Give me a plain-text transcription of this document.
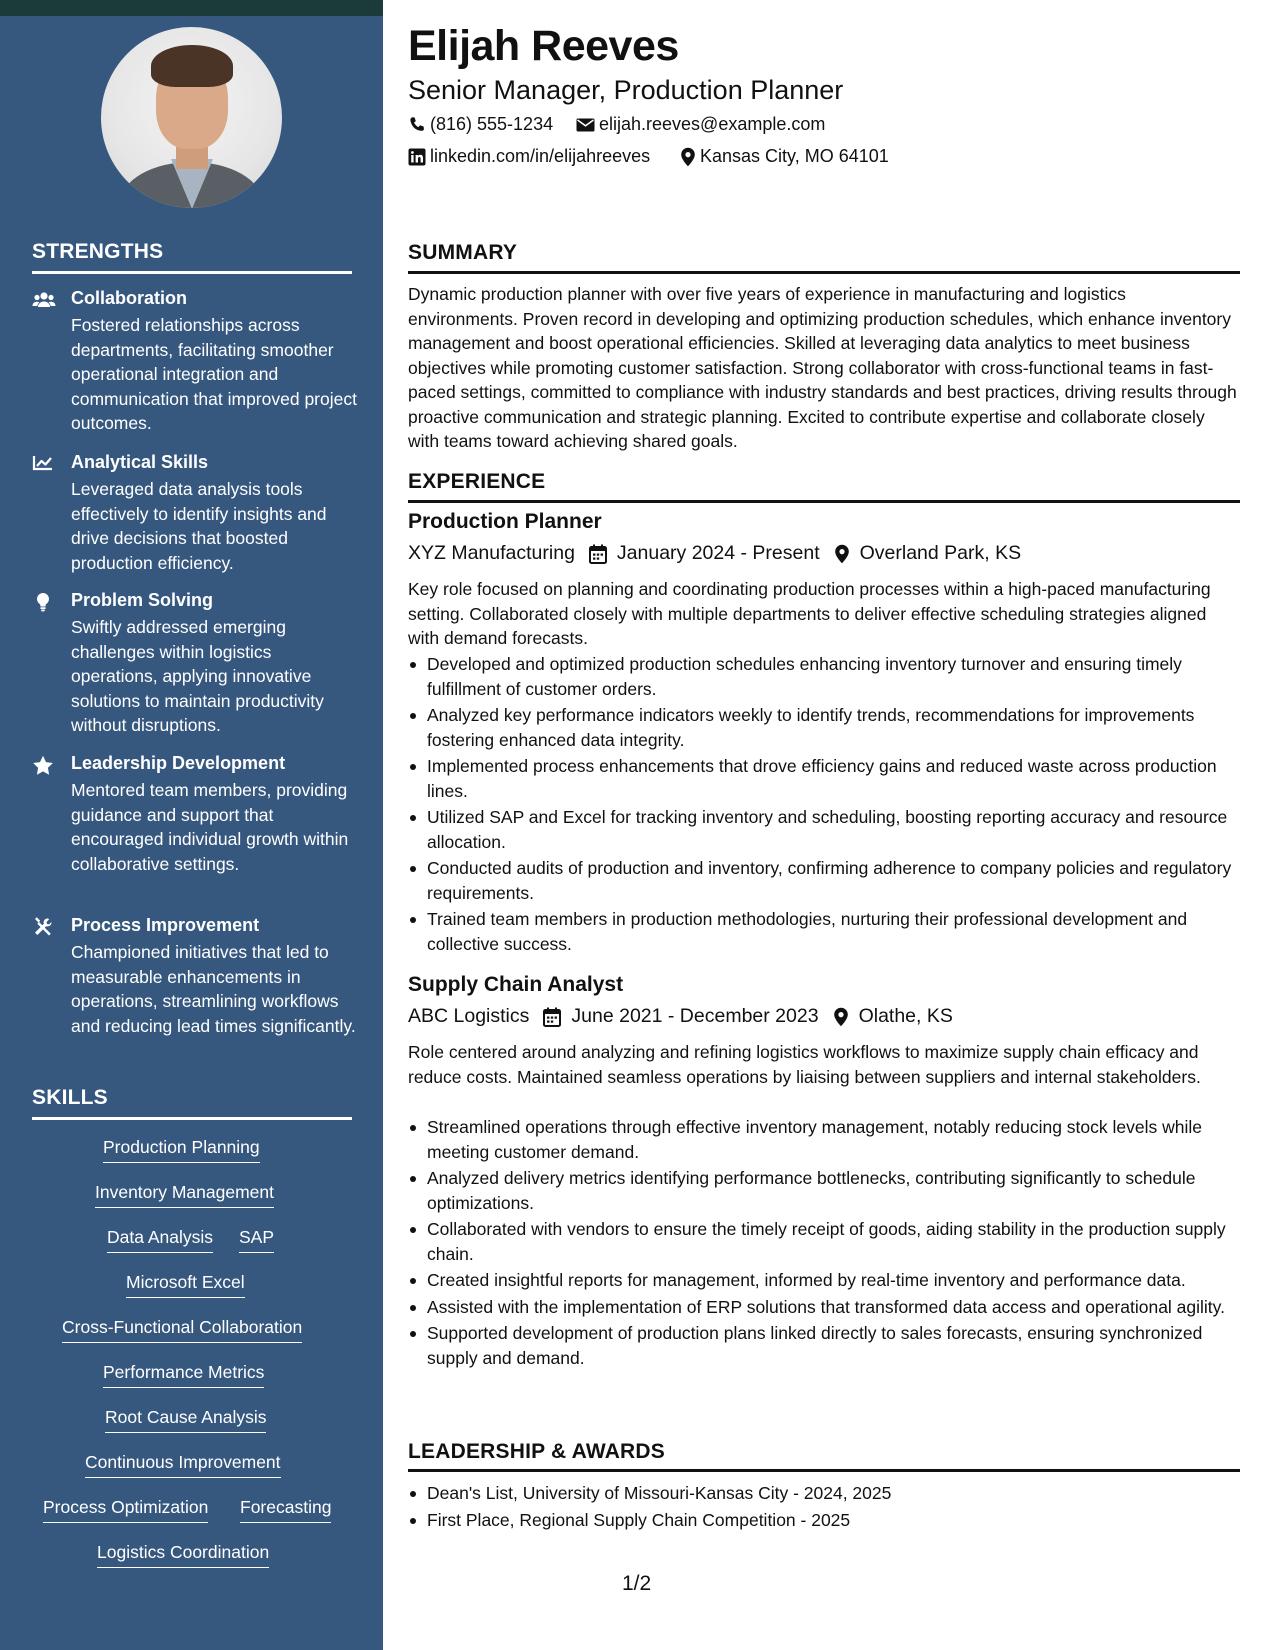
STRENGTHS
Collaboration
Fostered relationships across departments, facilitating smoother operational integration and communication that improved project outcomes.
Analytical Skills
Leveraged data analysis tools effectively to identify insights and drive decisions that boosted production efficiency.
Problem Solving
Swiftly addressed emerging challenges within logistics operations, applying innovative solutions to maintain productivity without disruptions.
Leadership Development
Mentored team members, providing guidance and support that encouraged individual growth within collaborative settings.
Process Improvement
Championed initiatives that led to measurable enhancements in operations, streamlining workflows and reducing lead times significantly.
SKILLS
Production Planning
Inventory Management
Data Analysis SAP
Microsoft Excel
Cross-Functional Collaboration
Performance Metrics
Root Cause Analysis
Continuous Improvement
Process Optimization Forecasting
Logistics Coordination
Elijah Reeves
Senior Manager, Production Planner
(816) 555-1234	elijah.reeves@example.com
linkedin.com/in/elijahreeves	Kansas City, MO 64101
SUMMARY
Dynamic production planner with over five years of experience in manufacturing and logistics environments. Proven record in developing and optimizing production schedules, which enhance inventory management and boost operational efficiencies. Skilled at leveraging data analytics to meet business objectives while promoting customer satisfaction. Strong collaborator with cross-functional teams in fast-paced settings, committed to compliance with industry standards and best practices, driving results through proactive communication and strategic planning. Excited to contribute expertise and collaborate closely with teams toward achieving shared goals.
EXPERIENCE
Production Planner
XYZ Manufacturing January 2024 - Present Overland Park, KS
Key role focused on planning and coordinating production processes within a high-paced manufacturing setting. Collaborated closely with multiple departments to deliver effective scheduling strategies aligned with demand forecasts.
Developed and optimized production schedules enhancing inventory turnover and ensuring timely fulfillment of customer orders.
Analyzed key performance indicators weekly to identify trends, recommendations for improvements fostering enhanced data integrity.
Implemented process enhancements that drove efficiency gains and reduced waste across production lines.
Utilized SAP and Excel for tracking inventory and scheduling, boosting reporting accuracy and resource allocation.
Conducted audits of production and inventory, confirming adherence to company policies and regulatory requirements.
Trained team members in production methodologies, nurturing their professional development and collective success.
Supply Chain Analyst
ABC Logistics June 2021 - December 2023 Olathe, KS
Role centered around analyzing and refining logistics workflows to maximize supply chain efficacy and reduce costs. Maintained seamless operations by liaising between suppliers and internal stakeholders.
Streamlined operations through effective inventory management, notably reducing stock levels while meeting customer demand.
Analyzed delivery metrics identifying performance bottlenecks, contributing significantly to schedule optimizations.
Collaborated with vendors to ensure the timely receipt of goods, aiding stability in the production supply chain.
Created insightful reports for management, informed by real-time inventory and performance data.
Assisted with the implementation of ERP solutions that transformed data access and operational agility.
Supported development of production plans linked directly to sales forecasts, ensuring synchronized supply and demand.
LEADERSHIP & AWARDS
Dean's List, University of Missouri-Kansas City - 2024, 2025
First Place, Regional Supply Chain Competition - 2025
1/2
